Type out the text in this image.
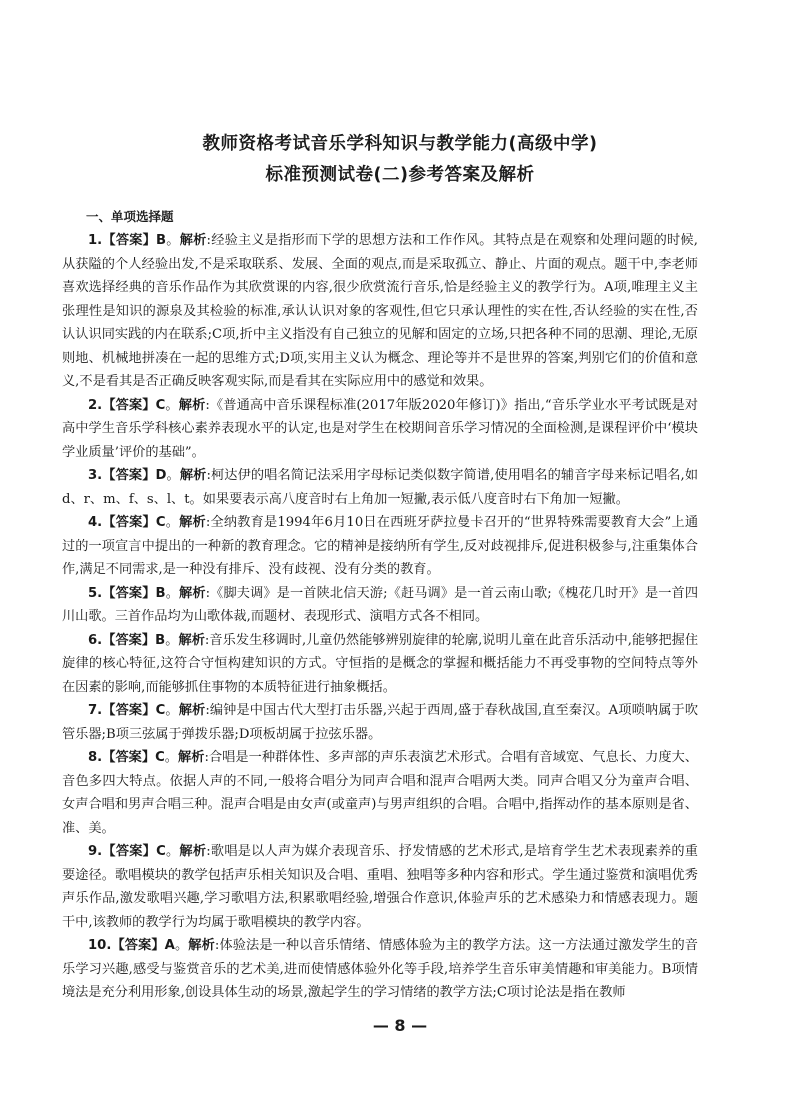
教师资格考试音乐学科知识与教学能力(高级中学)
标准预测试卷(二)参考答案及解析
一、单项选择题

1.【答案】B。解析:经验主义是指形而下学的思想方法和工作作风。其特点是在观察和处理问题的时候,从获隘的个人经验出发,不是采取联系、发展、全面的观点,而是采取孤立、静止、片面的观点。题干中,李老师喜欢选择经典的音乐作品作为其欣赏课的内容,很少欣赏流行音乐,恰是经验主义的教学行为。A项,唯理主义主张理性是知识的源泉及其检验的标准,承认认识对象的客观性,但它只承认理性的实在性,否认经验的实在性,否认认识同实践的内在联系;C项,折中主义指没有自己独立的见解和固定的立场,只把各种不同的思潮、理论,无原则地、机械地拼凑在一起的思维方式;D项,实用主义认为概念、理论等并不是世界的答案,判别它们的价值和意义,不是看其是否正确反映客观实际,而是看其在实际应用中的感觉和效果。

2.【答案】C。解析:《普通高中音乐课程标准(2017年版2020年修订)》指出,“音乐学业水平考试既是对高中学生音乐学科核心素养表现水平的认定,也是对学生在校期间音乐学习情况的全面检测,是课程评价中‘模块学业质量’评价的基础”。

3.【答案】D。解析:柯达伊的唱名简记法采用字母标记类似数字简谱,使用唱名的辅音字母来标记唱名,如d、r、m、f、s、l、t。如果要表示高八度音时右上角加一短撇,表示低八度音时右下角加一短撇。

4.【答案】C。解析:全纳教育是1994年6月10日在西班牙萨拉曼卡召开的“世界特殊需要教育大会”上通过的一项宣言中提出的一种新的教育理念。它的精神是接纳所有学生,反对歧视排斥,促进积极参与,注重集体合作,满足不同需求,是一种没有排斥、没有歧视、没有分类的教育。

5.【答案】B。解析:《脚夫调》是一首陕北信天游;《赶马调》是一首云南山歌;《槐花几时开》是一首四川山歌。三首作品均为山歌体裁,而题材、表现形式、演唱方式各不相同。

6.【答案】B。解析:音乐发生移调时,儿童仍然能够辨别旋律的轮廓,说明儿童在此音乐活动中,能够把握住旋律的核心特征,这符合守恒构建知识的方式。守恒指的是概念的掌握和概括能力不再受事物的空间特点等外在因素的影响,而能够抓住事物的本质特征进行抽象概括。

7.【答案】C。解析:编钟是中国古代大型打击乐器,兴起于西周,盛于春秋战国,直至秦汉。A项唢呐属于吹管乐器;B项三弦属于弹拨乐器;D项板胡属于拉弦乐器。

8.【答案】C。解析:合唱是一种群体性、多声部的声乐表演艺术形式。合唱有音域宽、气息长、力度大、音色多四大特点。依据人声的不同,一般将合唱分为同声合唱和混声合唱两大类。同声合唱又分为童声合唱、女声合唱和男声合唱三种。混声合唱是由女声(或童声)与男声组织的合唱。合唱中,指挥动作的基本原则是省、准、美。

9.【答案】C。解析:歌唱是以人声为媒介表现音乐、抒发情感的艺术形式,是培育学生艺术表现素养的重要途径。歌唱模块的教学包括声乐相关知识及合唱、重唱、独唱等多种内容和形式。学生通过鉴赏和演唱优秀声乐作品,激发歌唱兴趣,学习歌唱方法,积累歌唱经验,增强合作意识,体验声乐的艺术感染力和情感表现力。题干中,该教师的教学行为均属于歌唱模块的教学内容。

10.【答案】A。解析:体验法是一种以音乐情绪、情感体验为主的教学方法。这一方法通过激发学生的音乐学习兴趣,感受与鉴赏音乐的艺术美,进而使情感体验外化等手段,培养学生音乐审美情趣和审美能力。B项情境法是充分利用形象,创设具体生动的场景,激起学生的学习情绪的教学方法;C项讨论法是指在教师

— 8 —
